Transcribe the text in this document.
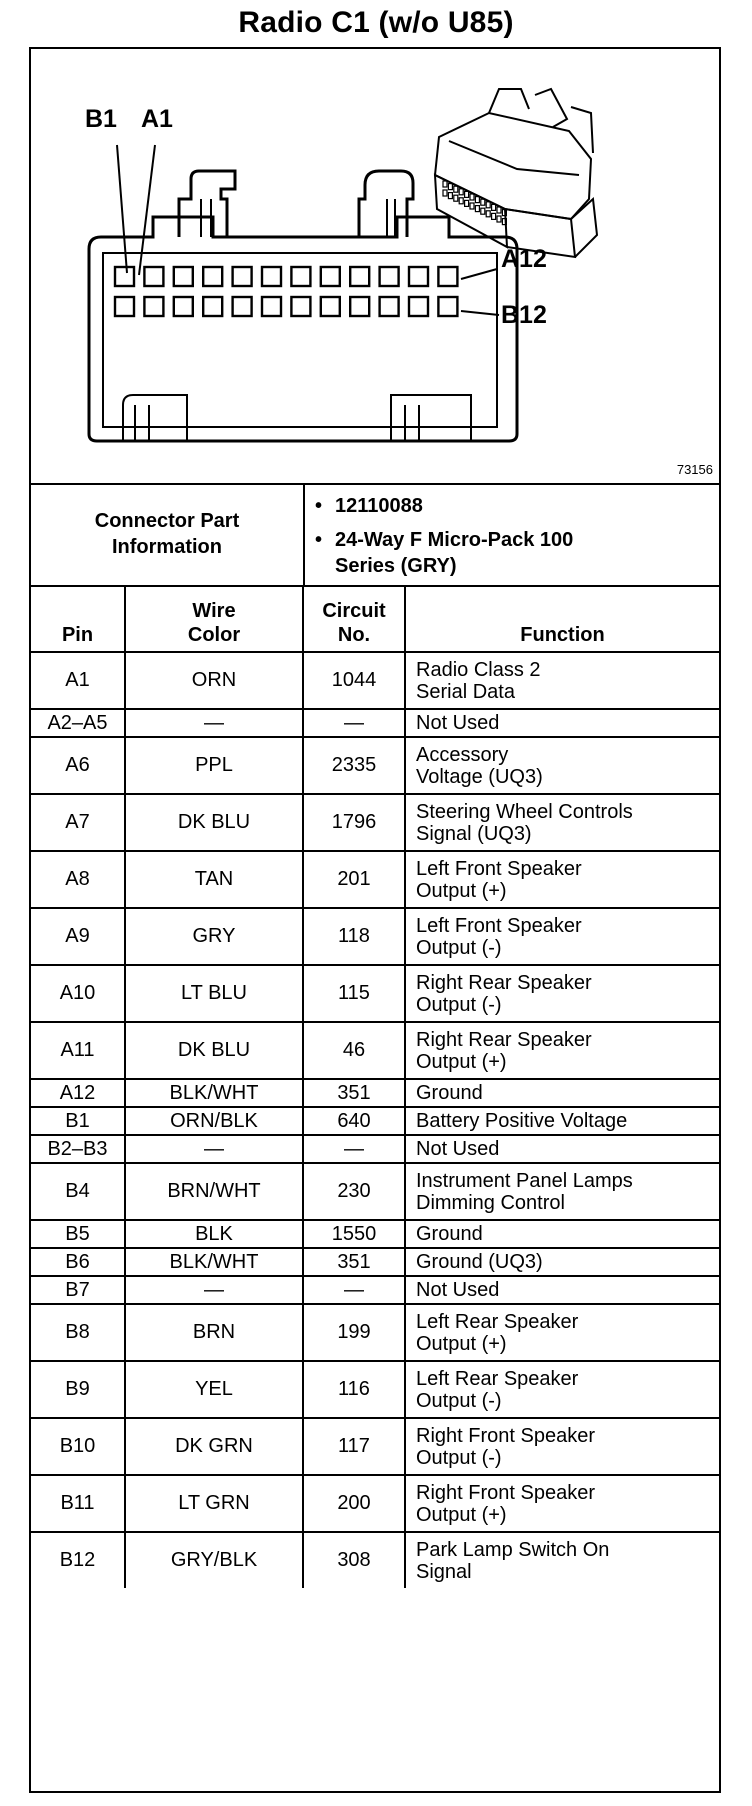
Radio C1 (w/o U85)
B1 A1
A12
B12
73156
Connector Part Information
• 12110088
• 24-Way F Micro-Pack 100 Series (GRY)
Pin	Wire Color	Circuit No.	Function
A1	ORN	1044	Radio Class 2
Serial Data
A2–A5	—	—	Not Used
A6	PPL	2335	Accessory
Voltage (UQ3)
A7	DK BLU	1796	Steering Wheel Controls
Signal (UQ3)
A8	TAN	201	Left Front Speaker
Output (+)
A9	GRY	118	Left Front Speaker
Output (-)
A10	LT BLU	115	Right Rear Speaker
Output (-)
A11	DK BLU	46	Right Rear Speaker
Output (+)
A12	BLK/WHT	351	Ground
B1	ORN/BLK	640	Battery Positive Voltage
B2–B3	—	—	Not Used
B4	BRN/WHT	230	Instrument Panel Lamps
Dimming Control
B5	BLK	1550	Ground
B6	BLK/WHT	351	Ground (UQ3)
B7	—	—	Not Used
B8	BRN	199	Left Rear Speaker
Output (+)
B9	YEL	116	Left Rear Speaker
Output (-)
B10	DK GRN	117	Right Front Speaker
Output (-)
B11	LT GRN	200	Right Front Speaker
Output (+)
B12	GRY/BLK	308	Park Lamp Switch On
Signal
